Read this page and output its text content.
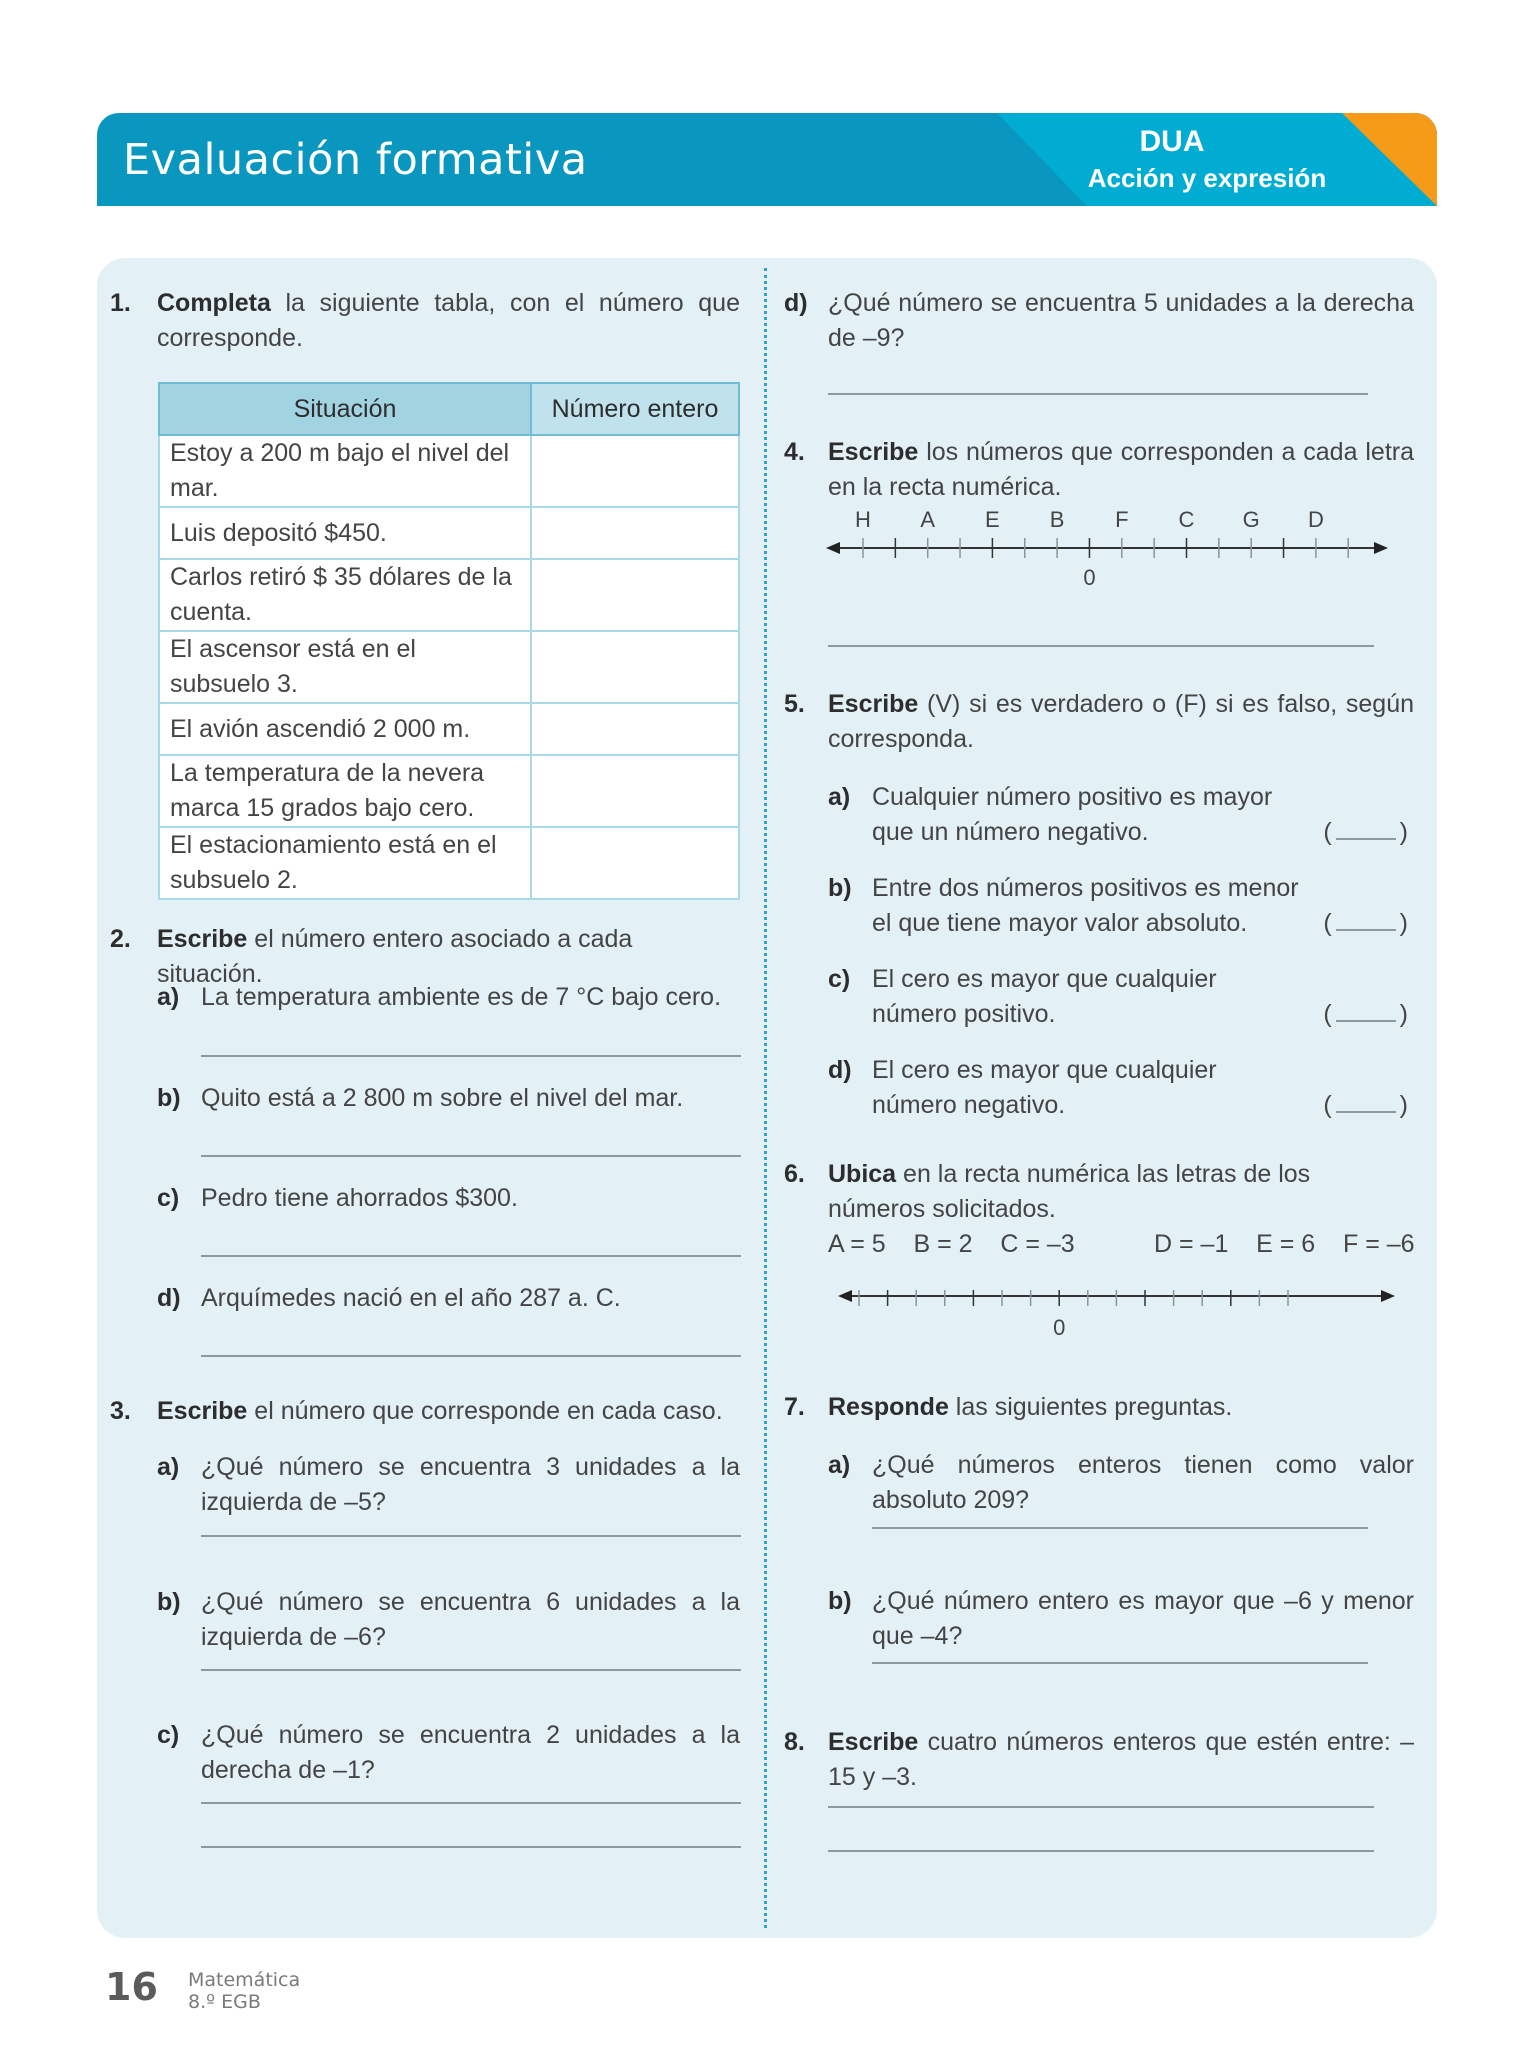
Evaluación formativa	DUA
Acción y expresión
1. Completa la siguiente tabla, con el número que corresponde.
Situación	Número entero
Estoy a 200 m bajo el nivel del mar.	
Luis depositó $450.	
Carlos retiró $ 35 dólares de la cuenta.	
El ascensor está en el subsuelo 3.	
El avión ascendió 2 000 m.	
La temperatura de la nevera marca 15 grados bajo cero.	
El estacionamiento está en el subsuelo 2.	
2. Escribe el número entero asociado a cada situación.
a) La temperatura ambiente es de 7 °C bajo cero.
b) Quito está a 2 800 m sobre el nivel del mar.
c) Pedro tiene ahorrados $300.
d) Arquímedes nació en el año 287 a. C.
3. Escribe el número que corresponde en cada caso.
a) ¿Qué número se encuentra 3 unidades a la izquierda de –5?
b) ¿Qué número se encuentra 6 unidades a la izquierda de –6?
c) ¿Qué número se encuentra 2 unidades a la derecha de –1?
d) ¿Qué número se encuentra 5 unidades a la derecha de –9?
4. Escribe los números que corresponden a cada letra en la recta numérica.
5. Escribe (V) si es verdadero o (F) si es falso, según corresponda.
a) Cualquier número positivo es mayor
que un número negativo.	(	)
b) Entre dos números positivos es menor
el que tiene mayor valor absoluto.	(	)
c) El cero es mayor que cualquier
número positivo.	(	)
d) El cero es mayor que cualquier
número negativo.	(	)
6. Ubica en la recta numérica las letras de los números solicitados.
A = 5    B = 2    C = –3	D = –1    E = 6    F = –6
7. Responde las siguientes preguntas.
a) ¿Qué números enteros tienen como valor absoluto 209?
b) ¿Qué número entero es mayor que –6 y menor que –4?
8. Escribe cuatro números enteros que estén entre: –15 y –3.
0
H A E B F C G D
0
16 Matemática
8.º EGB
